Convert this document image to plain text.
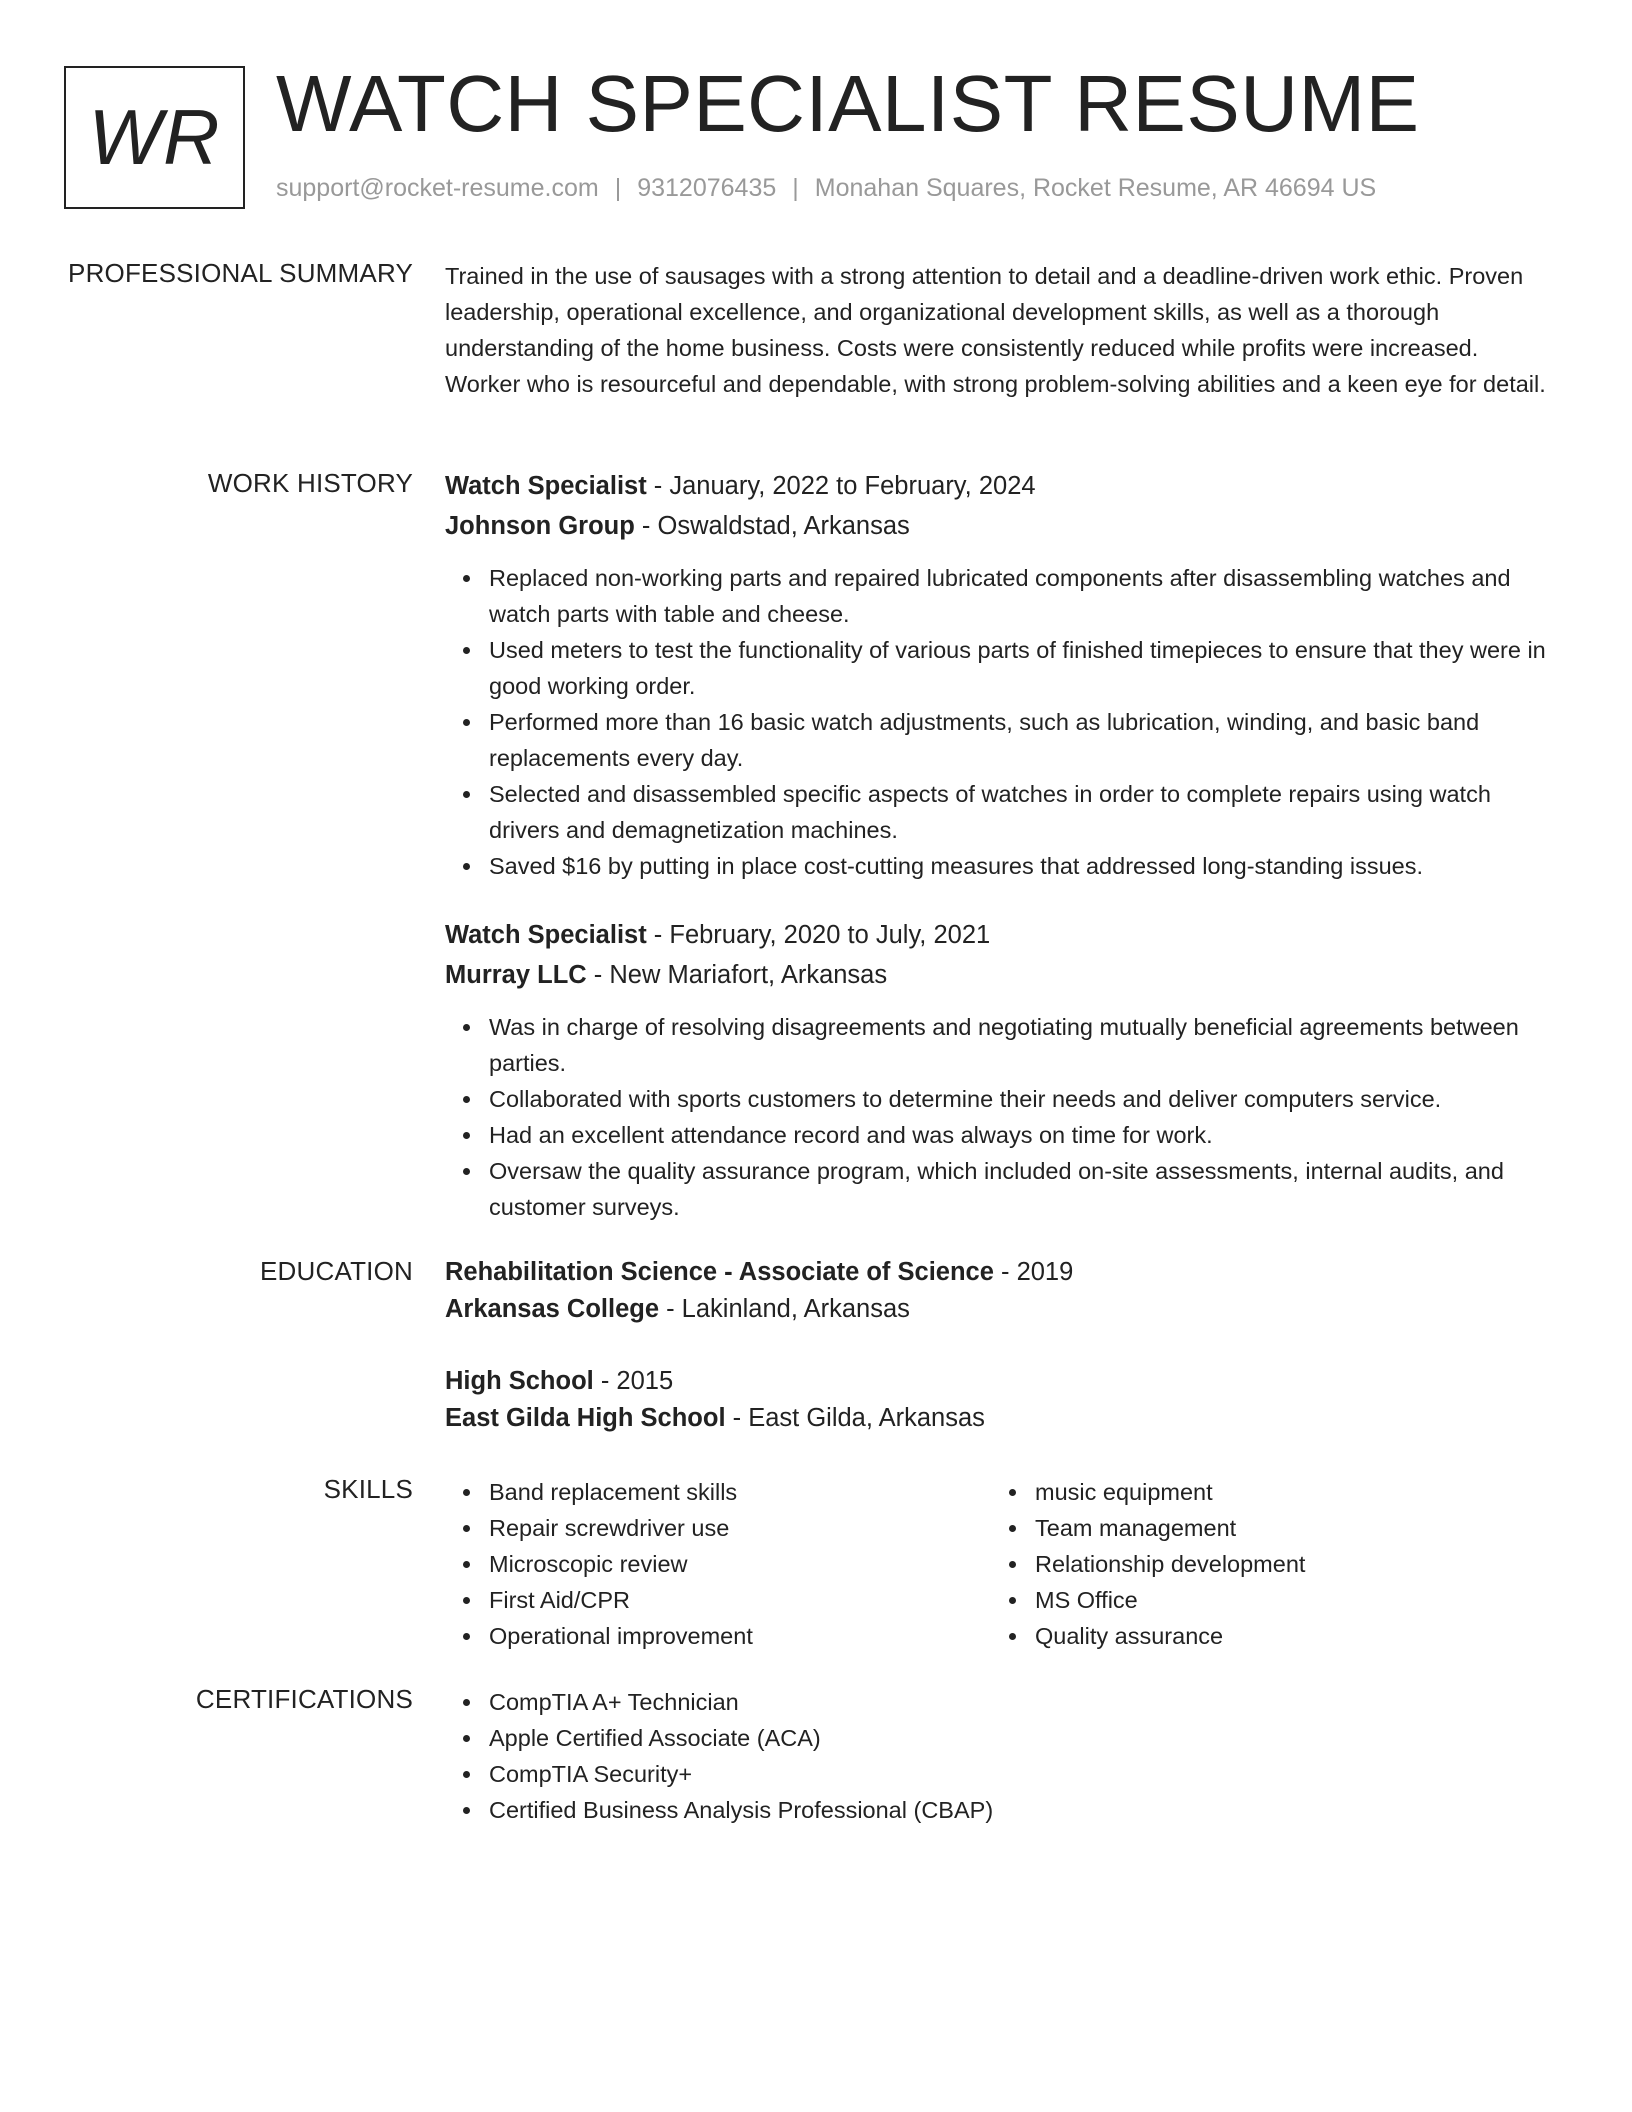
WR WATCH SPECIALIST RESUME
support@rocket-resume.com | 9312076435 | Monahan Squares, Rocket Resume, AR 46694 US
PROFESSIONAL SUMMARY Trained in the use of sausages with a strong attention to detail and a deadline-driven work ethic. Proven leadership, operational excellence, and organizational development skills, as well as a thorough understanding of the home business. Costs were consistently reduced while profits were increased. Worker who is resourceful and dependable, with strong problem-solving abilities and a keen eye for detail.

WORK HISTORY Watch Specialist - January, 2022 to February, 2024
Johnson Group - Oswaldstad, Arkansas
Replaced non-working parts and repaired lubricated components after disassembling watches and watch parts with table and cheese.
Used meters to test the functionality of various parts of finished timepieces to ensure that they were in good working order.
Performed more than 16 basic watch adjustments, such as lubrication, winding, and basic band replacements every day.
Selected and disassembled specific aspects of watches in order to complete repairs using watch drivers and demagnetization machines.
Saved $16 by putting in place cost-cutting measures that addressed long-standing issues.
Watch Specialist - February, 2020 to July, 2021
Murray LLC - New Mariafort, Arkansas
Was in charge of resolving disagreements and negotiating mutually beneficial agreements between parties.
Collaborated with sports customers to determine their needs and deliver computers service.
Had an excellent attendance record and was always on time for work.
Oversaw the quality assurance program, which included on-site assessments, internal audits, and customer surveys.
EDUCATION Rehabilitation Science - Associate of Science - 2019
Arkansas College - Lakinland, Arkansas
High School - 2015
East Gilda High School - East Gilda, Arkansas
SKILLS	Band replacement skills
Repair screwdriver use
Microscopic review
First Aid/CPR
Operational improvement
music equipment
Team management
Relationship development
MS Office
Quality assurance
CERTIFICATIONS	CompTIA A+ Technician
Apple Certified Associate (ACA)
CompTIA Security+
Certified Business Analysis Professional (CBAP)
